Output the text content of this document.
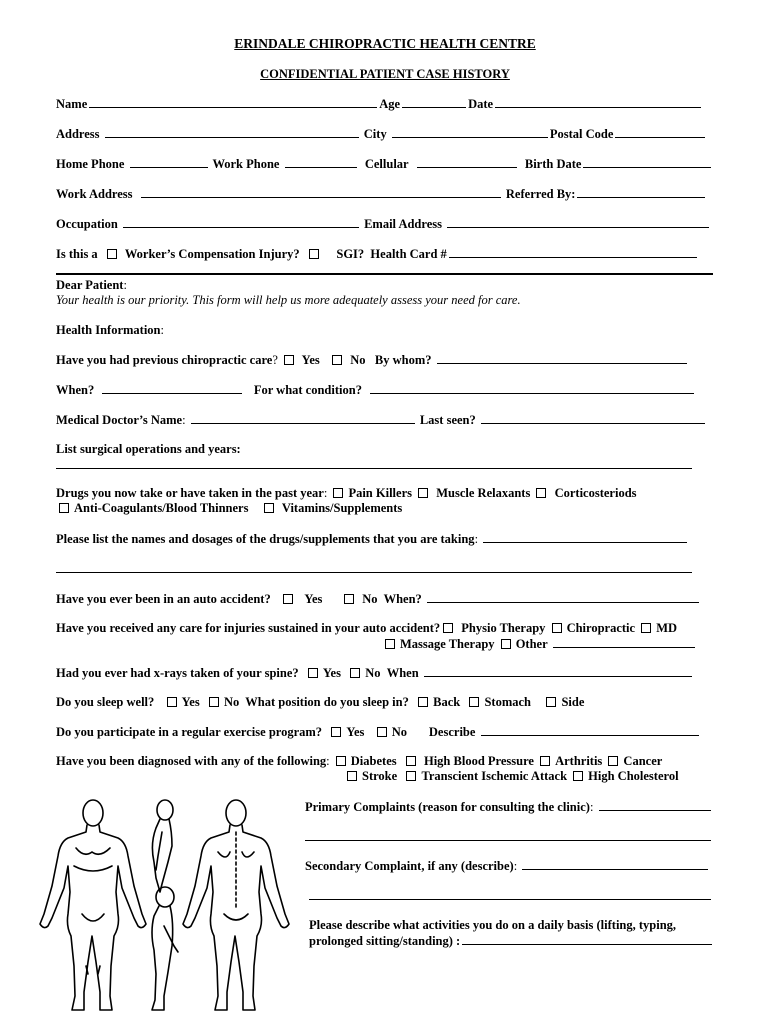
ERINDALE CHIROPRACTIC HEALTH CENTRE
CONFIDENTIAL PATIENT CASE HISTORY
Name	Age	Date
Address	City	Postal Code
Home Phone	Work Phone	Cellular	Birth Date
Work Address	Referred By:
Occupation	Email Address
Is this a Worker’s Compensation Injury?	SGI? Health Card #
Dear Patient:
Your health is our priority. This form will help us more adequately assess your need for care.
Health Information:
Have you had previous chiropractic care? Yes No By whom?
When?	For what condition?
Medical Doctor’s Name:	Last seen?
List surgical operations and years:
Drugs you now take or have taken in the past year: Pain Killers Muscle Relaxants Corticosteriods
Anti-Coagulants/Blood Thinners	Vitamins/Supplements
Please list the names and dosages of the drugs/supplements that you are taking:
Have you ever been in an auto accident?	Yes	No When?
Have you received any care for injuries sustained in your auto accident? Physio Therapy Chiropractic MD
Massage Therapy Other
Had you ever had x-rays taken of your spine? Yes No When
Do you sleep well? Yes No What position do you sleep in? Back Stomach Side
Do you participate in a regular exercise program? Yes No Describe
Have you been diagnosed with any of the following: Diabetes High Blood Pressure Arthritis Cancer
Stroke Transcient Ischemic Attack High Cholesterol
Primary Complaints (reason for consulting the clinic):
Secondary Complaint, if any (describe):
Please describe what activities you do on a daily basis (lifting, typing,
prolonged sitting/standing) :
